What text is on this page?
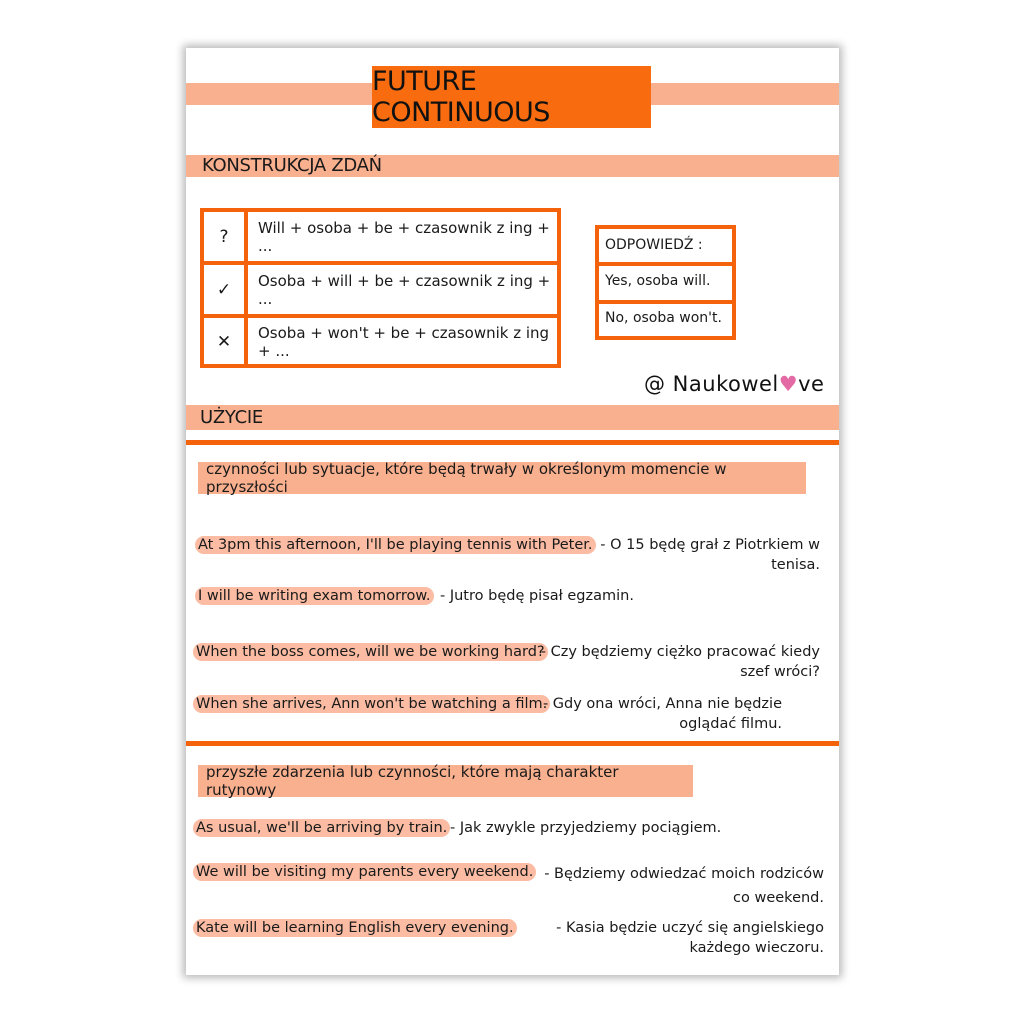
FUTURE CONTINUOUS
KONSTRUKCJA ZDAŃ
?	Will + osoba + be + czasownik z ing + ...
✓	Osoba + will + be + czasownik z ing + ...
✕	Osoba + won't + be + czasownik z ing + ...
ODPOWIEDŹ :
Yes, osoba will.
No, osoba won't.
@ Naukowel♥ve
UŻYCIE
czynności lub sytuacje, które będą trwały w określonym momencie w przyszłości
At 3pm this afternoon, I'll be playing tennis with Peter. - O 15 będę grał z Piotrkiem w tenisa.
I will be writing exam tomorrow. - Jutro będę pisał egzamin.
When the boss comes, will we be working hard?
- Czy będziemy ciężko pracować kiedy szef wróci?
When she arrives, Ann won't be watching a film.
- Gdy ona wróci, Anna nie będzie oglądać filmu.
przyszłe zdarzenia lub czynności, które mają charakter rutynowy
As usual, we'll be arriving by train. - Jak zwykle przyjedziemy pociągiem.
We will be visiting my parents every weekend. - Będziemy odwiedzać moich rodziców co weekend.
Kate will be learning English every evening.	- Kasia będzie uczyć się angielskiego każdego wieczoru.
